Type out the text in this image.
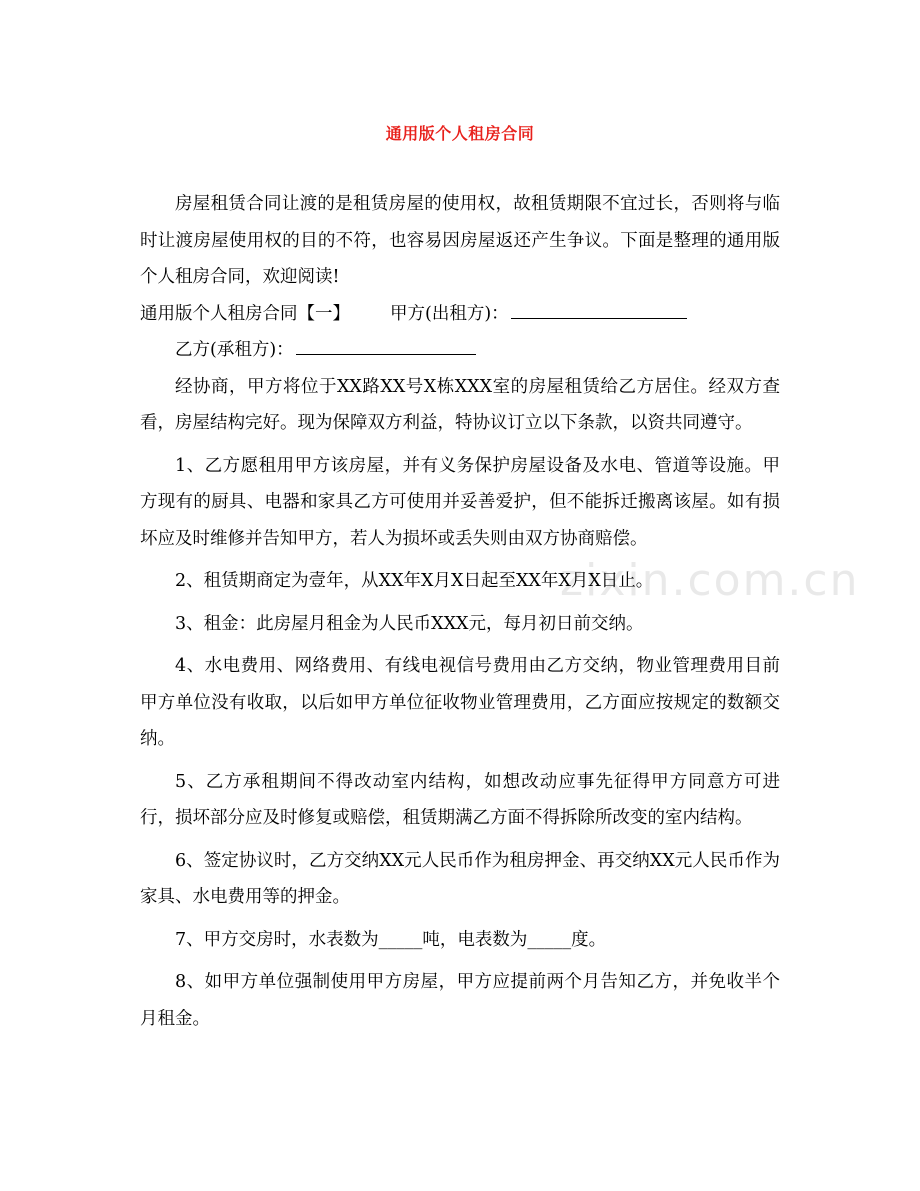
zixin.com.cn
通用版个人租房合同

房屋租赁合同让渡的是租赁房屋的使用权，故租赁期限不宜过长，否则将与临时让渡房屋使用权的目的不符，也容易因房屋返还产生争议。下面是整理的通用版个人租房合同，欢迎阅读!

通用版个人租房合同【一】 甲方(出租方)：

乙方(承租方)：

经协商，甲方将位于XX路XX号X栋XXX室的房屋租赁给乙方居住。经双方查看，房屋结构完好。现为保障双方利益，特协议订立以下条款，以资共同遵守。

1、乙方愿租用甲方该房屋，并有义务保护房屋设备及水电、管道等设施。甲方现有的厨具、电器和家具乙方可使用并妥善爱护，但不能拆迁搬离该屋。如有损坏应及时维修并告知甲方，若人为损坏或丢失则由双方协商赔偿。

2、租赁期商定为壹年，从XX年X月X日起至XX年X月X日止。

3、租金：此房屋月租金为人民币XXX元，每月初日前交纳。

4、水电费用、网络费用、有线电视信号费用由乙方交纳，物业管理费用目前甲方单位没有收取，以后如甲方单位征收物业管理费用，乙方面应按规定的数额交纳。

5、乙方承租期间不得改动室内结构，如想改动应事先征得甲方同意方可进行，损坏部分应及时修复或赔偿，租赁期满乙方面不得拆除所改变的室内结构。

6、签定协议时，乙方交纳XX元人民币作为租房押金、再交纳XX元人民币作为家具、水电费用等的押金。

7、甲方交房时，水表数为_____吨，电表数为_____度。

8、如甲方单位强制使用甲方房屋，甲方应提前两个月告知乙方，并免收半个月租金。
